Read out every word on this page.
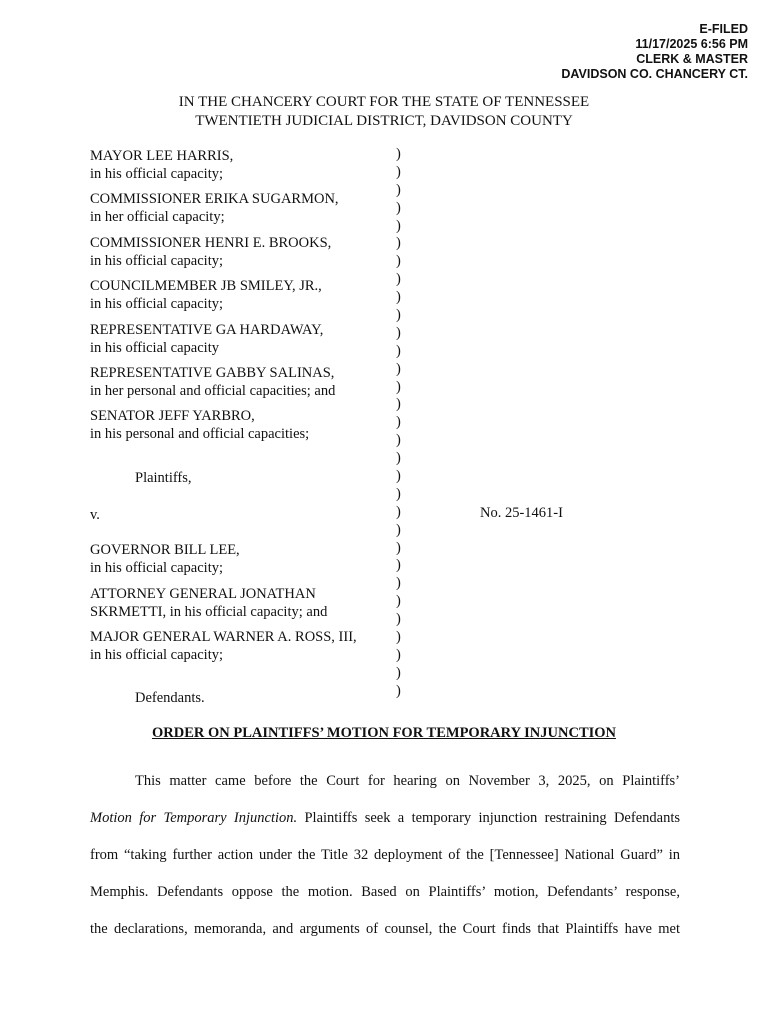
E-FILED
11/17/2025 6:56 PM
CLERK & MASTER
DAVIDSON CO. CHANCERY CT.
IN THE CHANCERY COURT FOR THE STATE OF TENNESSEE
TWENTIETH JUDICIAL DISTRICT, DAVIDSON COUNTY
MAYOR LEE HARRIS,
in his official capacity;
COMMISSIONER ERIKA SUGARMON,
in her official capacity;
COMMISSIONER HENRI E. BROOKS,
in his official capacity;
COUNCILMEMBER JB SMILEY, JR.,
in his official capacity;
REPRESENTATIVE GA HARDAWAY,
in his official capacity
REPRESENTATIVE GABBY SALINAS,
in her personal and official capacities; and
SENATOR JEFF YARBRO,
in his personal and official capacities;
Plaintiffs,
v.
GOVERNOR BILL LEE,
in his official capacity;
ATTORNEY GENERAL JONATHAN
SKRMETTI, in his official capacity; and
MAJOR GENERAL WARNER A. ROSS, III,
in his official capacity;
Defendants.
)
)
)
)
)
)
)
)
)
)
)
)
)
)
)
)
)
)
)
)
)
)
)
)
)
)
)
)
)
)
)
No. 25-1461-I
ORDER ON PLAINTIFFS’ MOTION FOR TEMPORARY INJUNCTION
This matter came before the Court for hearing on November 3, 2025, on Plaintiffs’
Motion for Temporary Injunction. Plaintiffs seek a temporary injunction restraining Defendants
from “taking further action under the Title 32 deployment of the [Tennessee] National Guard” in
Memphis. Defendants oppose the motion. Based on Plaintiffs’ motion, Defendants’ response,
the declarations, memoranda, and arguments of counsel, the Court finds that Plaintiffs have met
